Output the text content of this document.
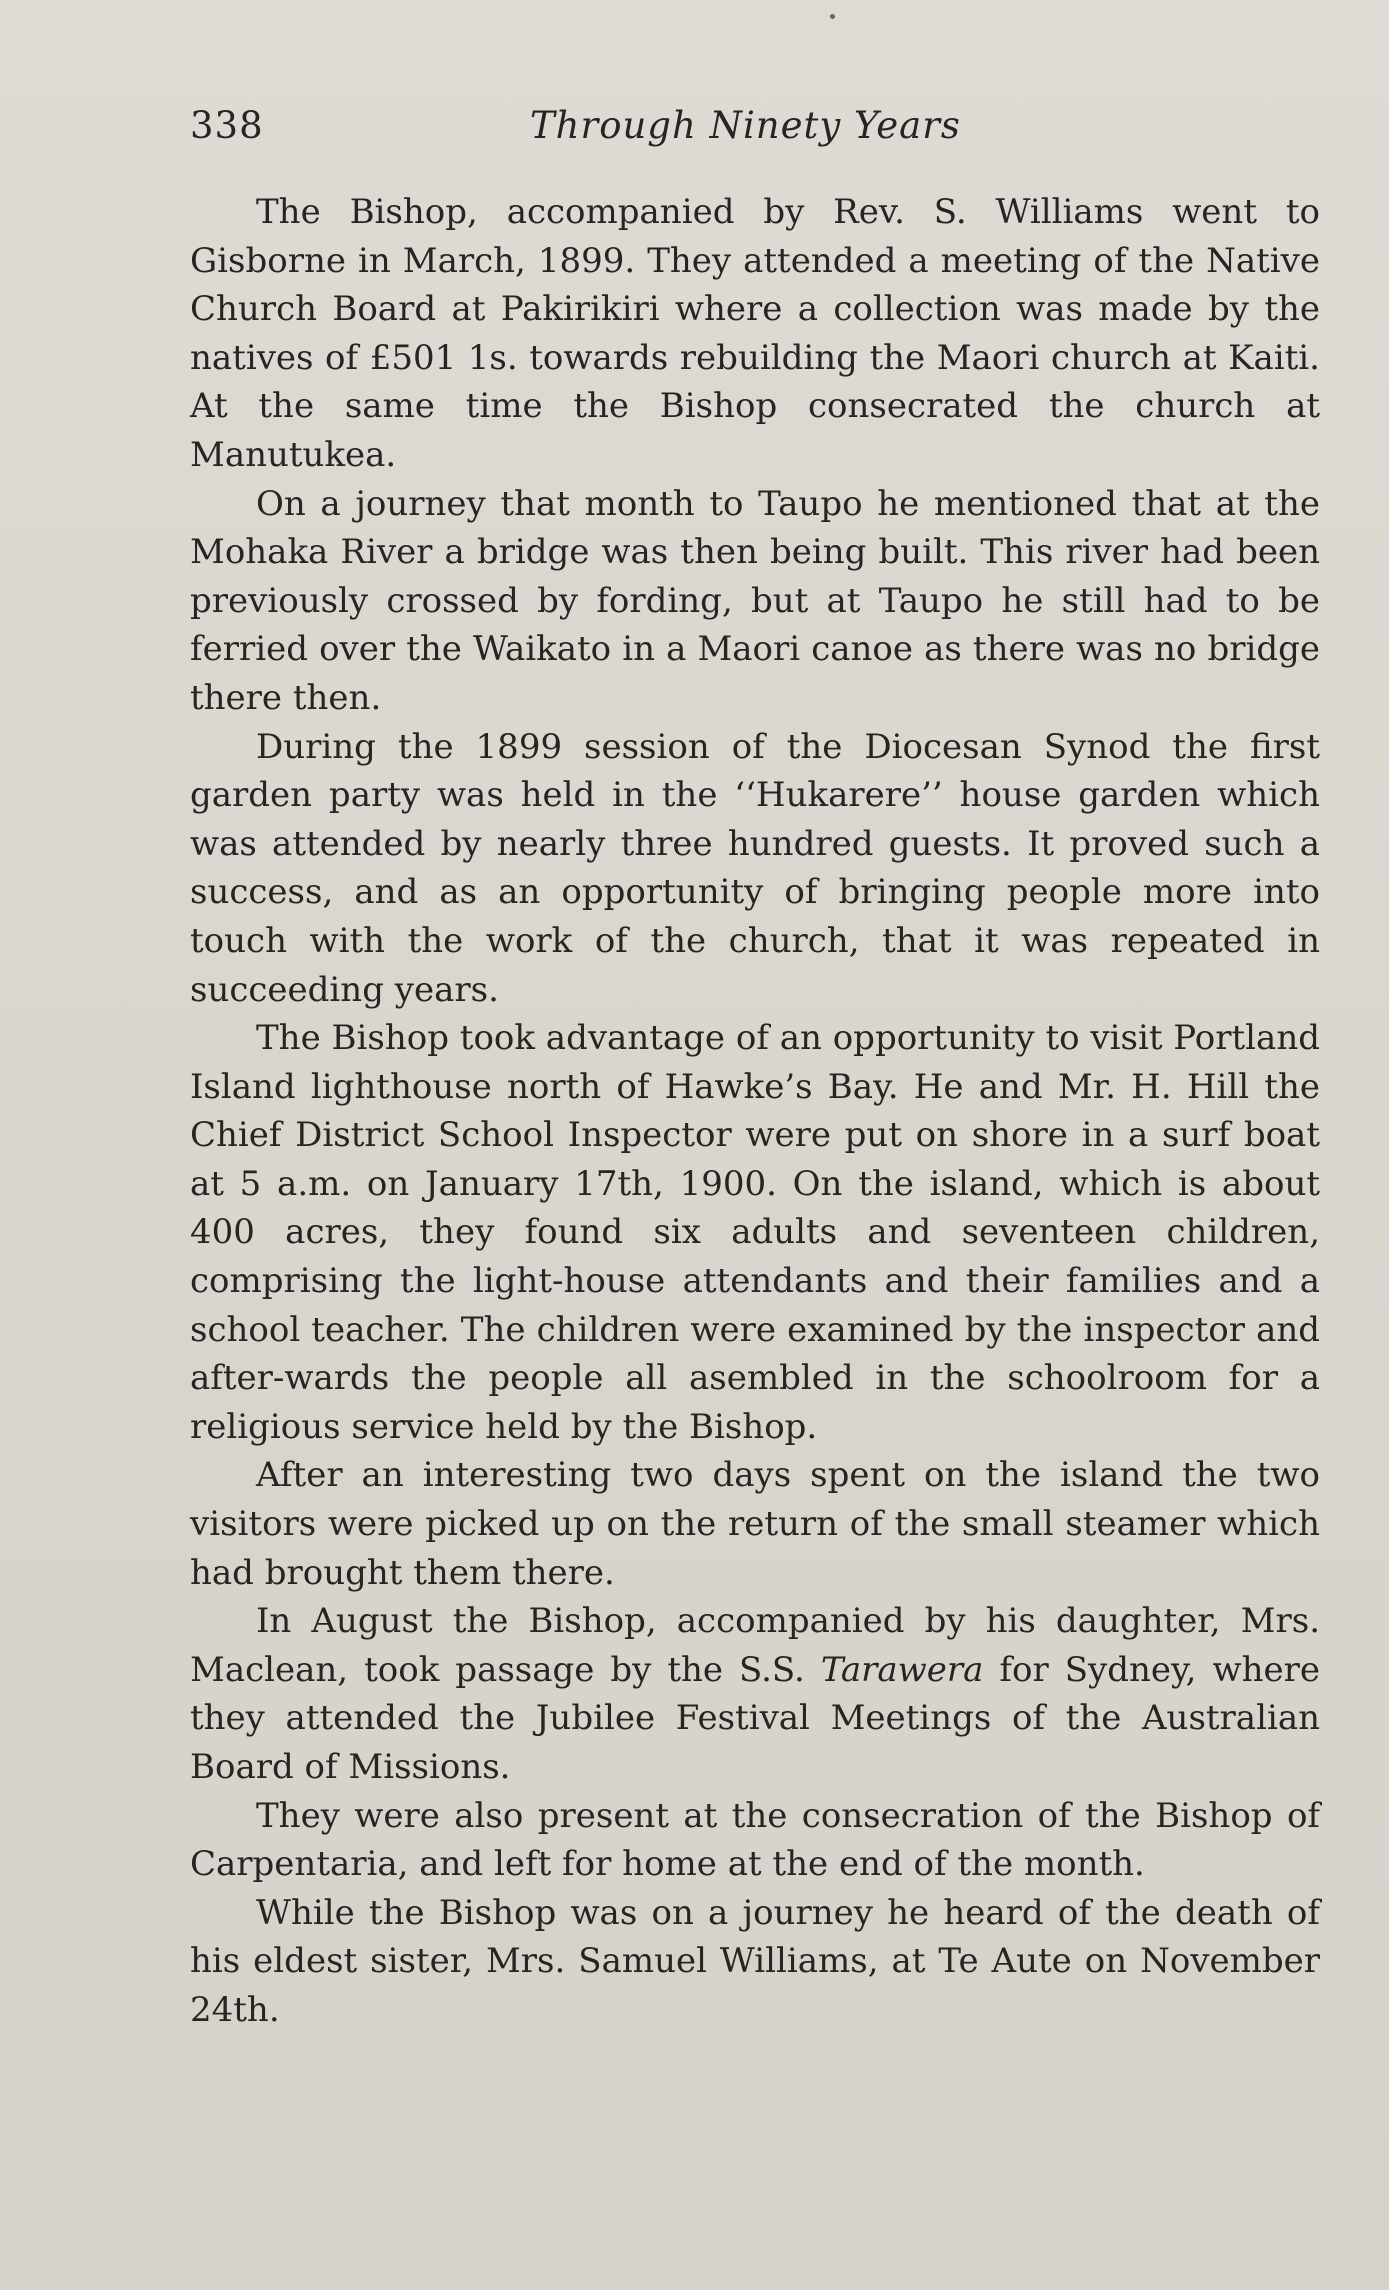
338	Through Ninety Years

The Bishop, accompanied by Rev. S. Williams went to Gisborne in March, 1899. They attended a meeting of the Native Church Board at Pakirikiri where a collection was made by the natives of £501 1s. towards rebuilding the Maori church at Kaiti. At the same time the Bishop consecrated the church at Manutukea.

On a journey that month to Taupo he mentioned that at the Mohaka River a bridge was then being built. This river had been previously crossed by fording, but at Taupo he still had to be ferried over the Waikato in a Maori canoe as there was no bridge there then.

During the 1899 session of the Diocesan Synod the first garden party was held in the ‘‘Hukarere’’ house garden which was attended by nearly three hundred guests. It proved such a success, and as an opportunity of bringing people more into touch with the work of the church, that it was repeated in succeeding years.

The Bishop took advantage of an opportunity to visit Portland Island lighthouse north of Hawke’s Bay. He and Mr. H. Hill the Chief District School Inspector were put on shore in a surf boat at 5 a.m. on January 17th, 1900. On the island, which is about 400 acres, they found six adults and seventeen children, comprising the light-house attendants and their families and a school teacher. The children were examined by the inspector and after-wards the people all asembled in the schoolroom for a religious service held by the Bishop.

After an interesting two days spent on the island the two visitors were picked up on the return of the small steamer which had brought them there.

In August the Bishop, accompanied by his daughter, Mrs. Maclean, took passage by the S.S. Tarawera for Sydney, where they attended the Jubilee Festival Meetings of the Australian Board of Missions.

They were also present at the consecration of the Bishop of Carpentaria, and left for home at the end of the month.

While the Bishop was on a journey he heard of the death of his eldest sister, Mrs. Samuel Williams, at Te Aute on November 24th.
